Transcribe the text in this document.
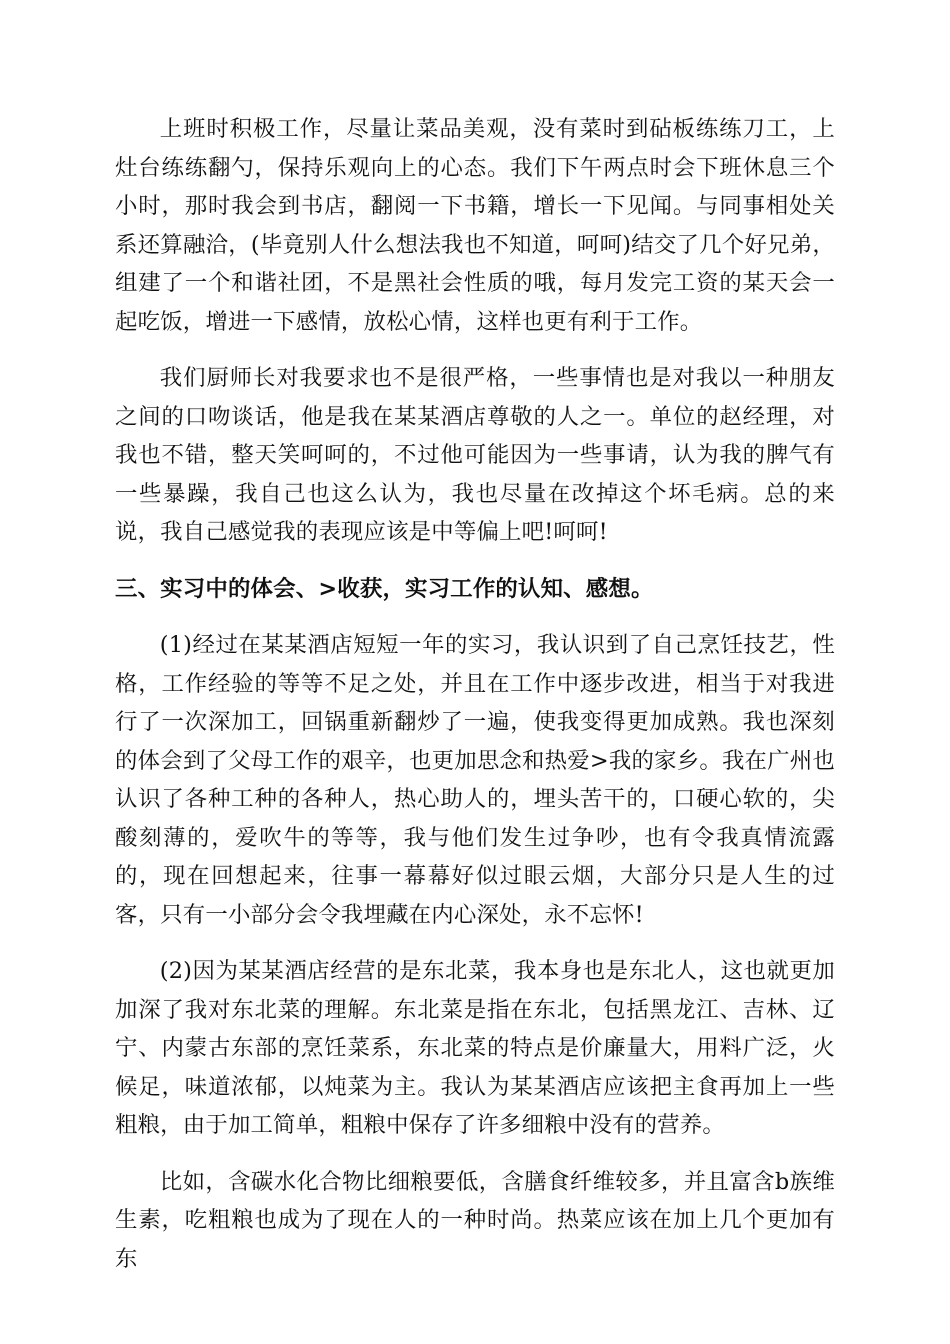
上班时积极工作，尽量让菜品美观，没有菜时到砧板练练刀工，上灶台练练翻勺，保持乐观向上的心态。我们下午两点时会下班休息三个小时，那时我会到书店，翻阅一下书籍，增长一下见闻。与同事相处关系还算融洽，(毕竟别人什么想法我也不知道，呵呵)结交了几个好兄弟，组建了一个和谐社团，不是黑社会性质的哦，每月发完工资的某天会一起吃饭，增进一下感情，放松心情，这样也更有利于工作。

我们厨师长对我要求也不是很严格，一些事情也是对我以一种朋友之间的口吻谈话，他是我在某某酒店尊敬的人之一。单位的赵经理，对我也不错，整天笑呵呵的，不过他可能因为一些事请，认为我的脾气有一些暴躁，我自己也这么认为，我也尽量在改掉这个坏毛病。总的来说，我自己感觉我的表现应该是中等偏上吧!呵呵!

三、实习中的体会、>收获，实习工作的认知、感想。

(1)经过在某某酒店短短一年的实习，我认识到了自己烹饪技艺，性格，工作经验的等等不足之处，并且在工作中逐步改进，相当于对我进行了一次深加工，回锅重新翻炒了一遍，使我变得更加成熟。我也深刻的体会到了父母工作的艰辛，也更加思念和热爱>我的家乡。我在广州也认识了各种工种的各种人，热心助人的，埋头苦干的，口硬心软的，尖酸刻薄的，爱吹牛的等等，我与他们发生过争吵，也有令我真情流露的，现在回想起来，往事一幕幕好似过眼云烟，大部分只是人生的过客，只有一小部分会令我埋藏在内心深处，永不忘怀!

(2)因为某某酒店经营的是东北菜，我本身也是东北人，这也就更加加深了我对东北菜的理解。东北菜是指在东北，包括黑龙江、吉林、辽宁、内蒙古东部的烹饪菜系，东北菜的特点是价廉量大，用料广泛，火候足，味道浓郁，以炖菜为主。我认为某某酒店应该把主食再加上一些粗粮，由于加工简单，粗粮中保存了许多细粮中没有的营养。

比如，含碳水化合物比细粮要低，含膳食纤维较多，并且富含b族维生素，吃粗粮也成为了现在人的一种时尚。热菜应该在加上几个更加有东
